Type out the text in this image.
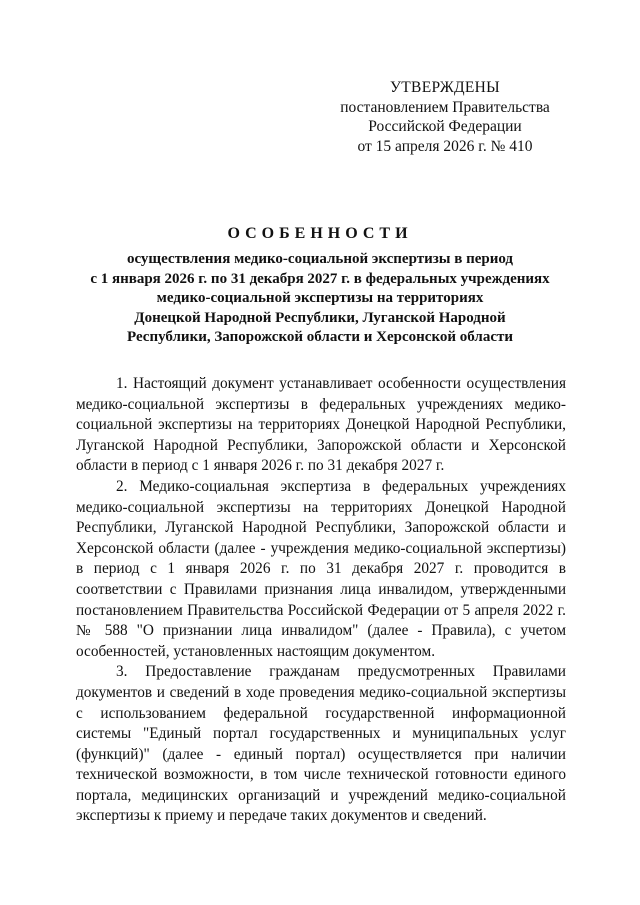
УТВЕРЖДЕНЫ
постановлением Правительства
Российской Федерации
от 15 апреля 2026 г. № 410
ОСОБЕННОСТИ
осуществления медико-социальной экспертизы в период
с 1 января 2026 г. по 31 декабря 2027 г. в федеральных учреждениях
медико-социальной экспертизы на территориях
Донецкой Народной Республики, Луганской Народной
Республики, Запорожской области и Херсонской области

1. Настоящий документ устанавливает особенности осуществления медико-социальной экспертизы в федеральных учреждениях медико-социальной экспертизы на территориях Донецкой Народной Республики, Луганской Народной Республики, Запорожской области и Херсонской области в период с 1 января 2026 г. по 31 декабря 2027 г.

2. Медико-социальная экспертиза в федеральных учреждениях медико-социальной экспертизы на территориях Донецкой Народной Республики, Луганской Народной Республики, Запорожской области и Херсонской области (далее - учреждения медико-социальной экспертизы) в период с 1 января 2026 г. по 31 декабря 2027 г. проводится в соответствии с Правилами признания лица инвалидом, утвержденными постановлением Правительства Российской Федерации от 5 апреля 2022 г. № 588 "О признании лица инвалидом" (далее - Правила), с учетом особенностей, установленных настоящим документом.

3. Предоставление гражданам предусмотренных Правилами документов и сведений в ходе проведения медико-социальной экспертизы с использованием федеральной государственной информационной системы "Единый портал государственных и муниципальных услуг (функций)" (далее - единый портал) осуществляется при наличии технической возможности, в том числе технической готовности единого портала, медицинских организаций и учреждений медико-социальной экспертизы к приему и передаче таких документов и сведений.
